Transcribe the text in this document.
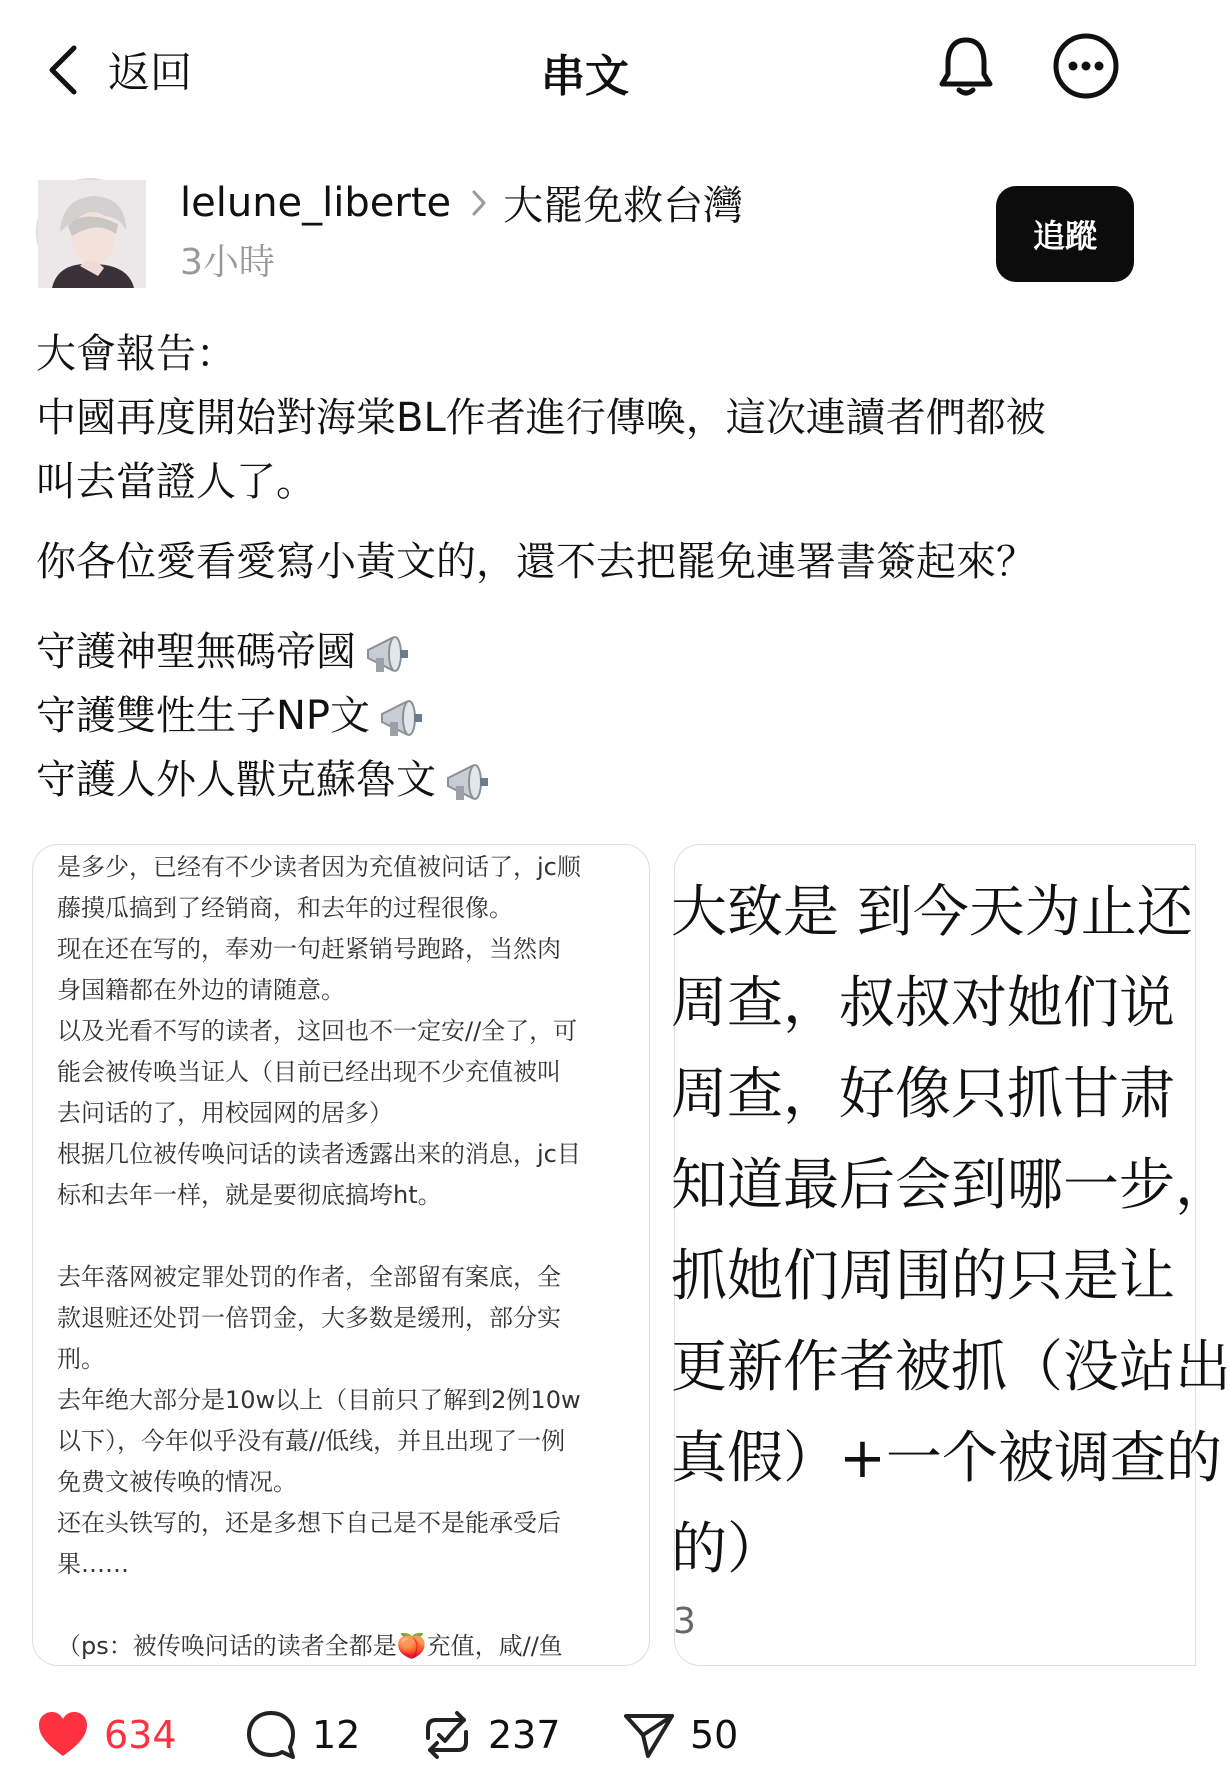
返回	串文
lelune_liberte 大罷免救台灣
3小時
追蹤

大會報告：

中國再度開始對海棠BL作者進行傳喚，這次連讀者們都被

叫去當證人了。

你各位愛看愛寫小黃文的，還不去把罷免連署書簽起來？

守護神聖無碼帝國

守護雙性生子NP文

守護人外人獸克蘇魯文

是多少，已经有不少读者因为充值被问话了，jc顺
藤摸瓜搞到了经销商，和去年的过程很像。
现在还在写的，奉劝一句赶紧销号跑路，当然肉
身国籍都在外边的请随意。
以及光看不写的读者，这回也不一定安//全了，可
能会被传唤当证人（目前已经出现不少充值被叫
去问话的了，用校园网的居多）
根据几位被传唤问话的读者透露出来的消息，jc目
标和去年一样，就是要彻底搞垮ht。
去年落网被定罪处罚的作者，全部留有案底，全
款退赃还处罚一倍罚金，大多数是缓刑，部分实
刑。
去年绝大部分是10w以上（目前只了解到2例10w
以下），今年似乎没有蕞//低线，并且出现了一例
免费文被传唤的情况。
还在头铁写的，还是多想下自己是不是能承受后
果……
（ps：被传唤问话的读者全都是🍑充值，咸//鱼
大致是 到今天为止还
周查，叔叔对她们说
周查，好像只抓甘肃
知道最后会到哪一步，
抓她们周围的只是让
更新作者被抓（没站出
真假）+一个被调查的
的）
3
634	12	237	50
